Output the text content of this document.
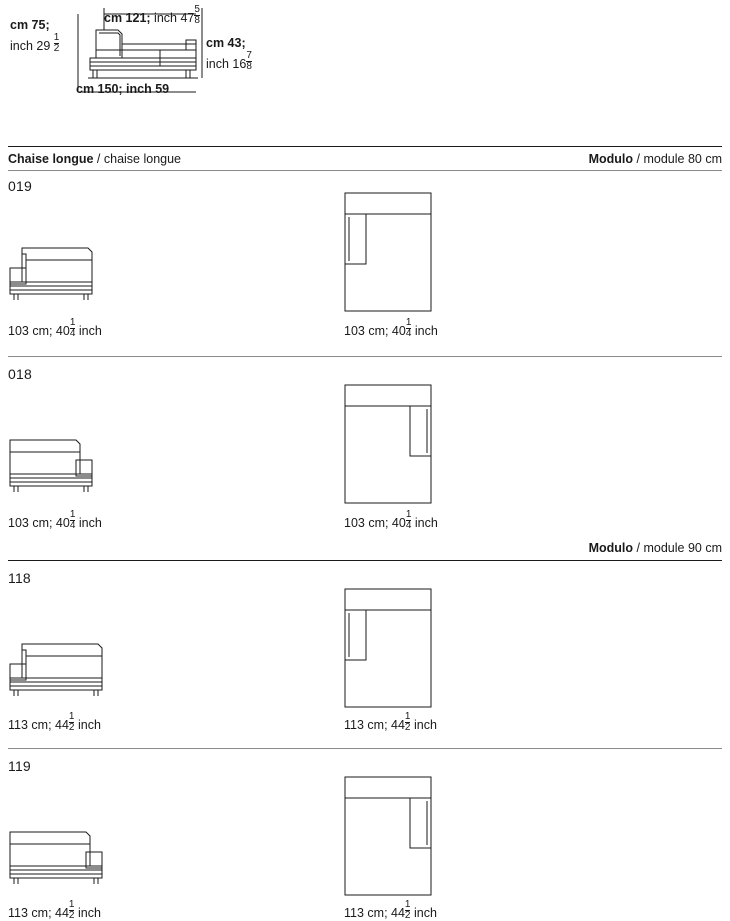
cm 75;
inch $29 \frac{1}{2}$
cm 121; inch $47 \frac{5}{8}$
cm 43;
inch $16 \frac{7}{8}$
cm 150; inch 59
Chaise longue / chaise longue	Modulo / module 80 cm
019
103 cm; $40 \frac{1}{4}$ inch	103 cm; $40 \frac{1}{4}$ inch
018
103 cm; $40 \frac{1}{4}$ inch	103 cm; $40 \frac{1}{4}$ inch
Modulo / module 90 cm
118
113 cm; $44 \frac{1}{2}$ inch	113 cm; $44 \frac{1}{2}$ inch
119
113 cm; $44 \frac{1}{2}$ inch	113 cm; $44 \frac{1}{2}$ inch
